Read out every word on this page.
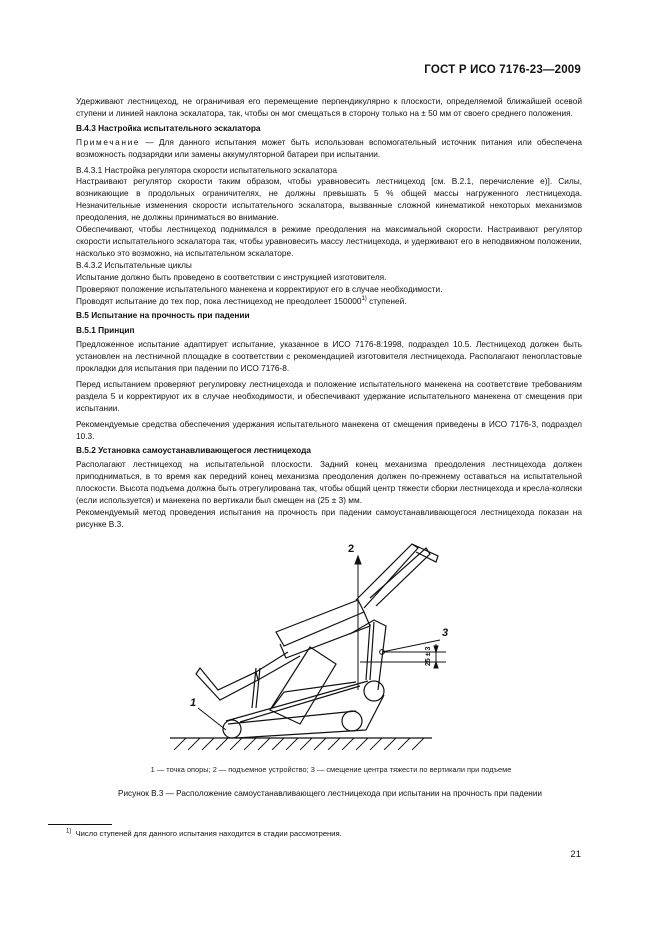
ГОСТ Р ИСО 7176-23—2009

Удерживают лестницеход, не ограничивая его перемещение перпендикулярно к плоскости, определяемой ближайшей осевой ступени и линией наклона эскалатора, так, чтобы он мог смещаться в сторону только на ± 50 мм от своего среднего положения.

В.4.3 Настройка испытательного эскалатора

Примечание — Для данного испытания может быть использован вспомогательный источник питания или обеспечена возможность подзарядки или замены аккумуляторной батареи при испытании.

В.4.3.1 Настройка регулятора скорости испытательного эскалатора

Настраивают регулятор скорости таким образом, чтобы уравновесить лестницеход [см. В.2.1, перечисление е)]. Силы, возникающие в продольных ограничителях, не должны превышать 5 % общей массы нагруженного лестницехода. Незначительные изменения скорости испытательного эскалатора, вызванные сложной кинематикой некоторых механизмов преодоления, не должны приниматься во внимание.

Обеспечивают, чтобы лестницеход поднимался в режиме преодоления на максимальной скорости. Настраивают регулятор скорости испытательного эскалатора так, чтобы уравновесить массу лестницехода, и удерживают его в неподвижном положении, насколько это возможно, на испытательном эскалаторе.

В.4.3.2 Испытательные циклы

Испытание должно быть проведено в соответствии с инструкцией изготовителя.

Проверяют положение испытательного манекена и корректируют его в случае необходимости.

Проводят испытание до тех пор, пока лестницеход не преодолеет 150000$^{1)}$ ступеней.

В.5 Испытание на прочность при падении

В.5.1 Принцип

Предложенное испытание адаптирует испытание, указанное в ИСО 7176-8:1998, подраздел 10.5. Лестницеход должен быть установлен на лестничной площадке в соответствии с рекомендацией изготовителя лестницехода. Располагают пенопластовые прокладки для испытания при падении по ИСО 7176-8.

Перед испытанием проверяют регулировку лестницехода и положение испытательного манекена на соответствие требованиям раздела 5 и корректируют их в случае необходимости, и обеспечивают удержание испытательного манекена от смещения при испытании.

Рекомендуемые средства обеспечения удержания испытательного манекена от смещения приведены в ИСО 7176-3, подраздел 10.3.

В.5.2 Установка самоустанавливающегося лестницехода

Располагают лестницеход на испытательной плоскости. Задний конец механизма преодоления лестницехода должен приподниматься, в то время как передний конец механизма преодоления должен по-прежнему оставаться на испытательной плоскости. Высота подъема должна быть отрегулирована так, чтобы общий центр тяжести сборки лестницехода и кресла-коляски (если используется) и манекена по вертикали был смещен на (25 ± 3) мм.

Рекомендуемый метод проведения испытания на прочность при падении самоустанавливающегося лестницехода показан на рисунке В.3.

2
3
1
25 ± 3
1 — точка опоры; 2 — подъемное устройство; 3 — смещение центра тяжести по вертикали при подъеме
Рисунок В.3 — Расположение самоустанавливающего лестницехода при испытании на прочность при падении
$^{1)}$ Число ступеней для данного испытания находится в стадии рассмотрения.
21
